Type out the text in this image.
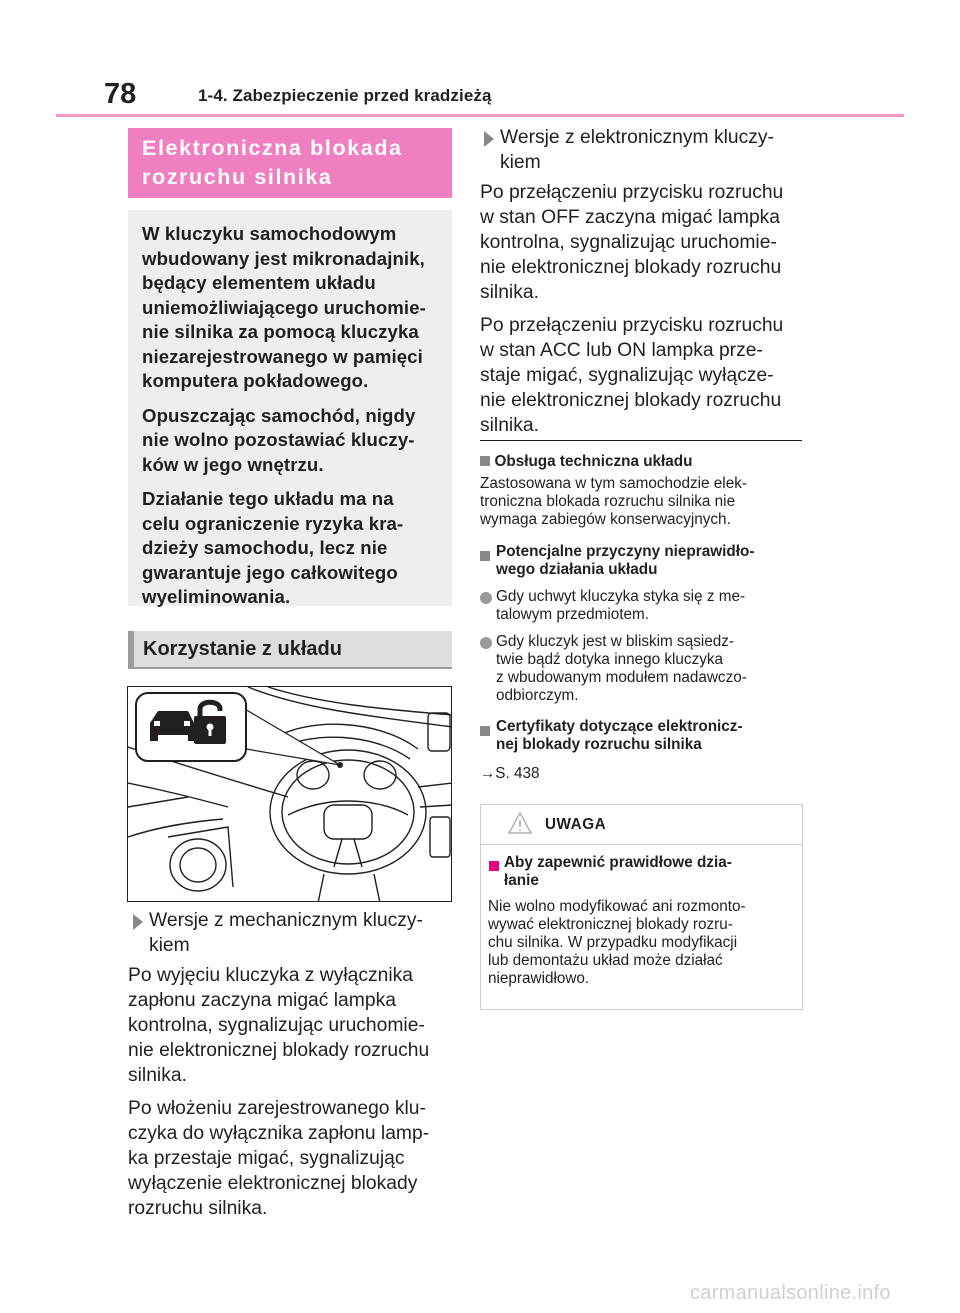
78	1-4. Zabezpieczenie przed kradzieżą
Elektroniczna blokada
rozruchu silnika

W kluczyku samochodowym
wbudowany jest mikronadajnik,
będący elementem układu
uniemożliwiającego uruchomie-
nie silnika za pomocą kluczyka
niezarejestrowanego w pamięci
komputera pokładowego.

Opuszczając samochód, nigdy
nie wolno pozostawiać kluczy-
ków w jego wnętrzu.

Działanie tego układu ma na
celu ograniczenie ryzyka kra-
dzieży samochodu, lecz nie
gwarantuje jego całkowitego
wyeliminowania.

Korzystanie z układu
Wersje z mechanicznym kluczy-
kiem

Po wyjęciu kluczyka z wyłącznika
zapłonu zaczyna migać lampka
kontrolna, sygnalizując uruchomie-
nie elektronicznej blokady rozruchu
silnika.

Po włożeniu zarejestrowanego klu-
czyka do wyłącznika zapłonu lamp-
ka przestaje migać, sygnalizując
wyłączenie elektronicznej blokady
rozruchu silnika.

Wersje z elektronicznym kluczy-
kiem

Po przełączeniu przycisku rozruchu
w stan OFF zaczyna migać lampka
kontrolna, sygnalizując uruchomie-
nie elektronicznej blokady rozruchu
silnika.

Po przełączeniu przycisku rozruchu
w stan ACC lub ON lampka prze-
staje migać, sygnalizując wyłącze-
nie elektronicznej blokady rozruchu
silnika.

Obsługa techniczna układu
Zastosowana w tym samochodzie elek-
troniczna blokada rozruchu silnika nie
wymaga zabiegów konserwacyjnych.
Potencjalne przyczyny nieprawidło-
wego działania układu
Gdy uchwyt kluczyka styka się z me-
talowym przedmiotem.
Gdy kluczyk jest w bliskim sąsiedz-
twie bądź dotyka innego kluczyka
z wbudowanym modułem nadawczo-
odbiorczym.
Certyfikaty dotyczące elektronicz-
nej blokady rozruchu silnika
→S. 438
UWAGA
Aby zapewnić prawidłowe dzia-
łanie
Nie wolno modyfikować ani rozmonto-
wywać elektronicznej blokady rozru-
chu silnika. W przypadku modyfikacji
lub demontażu układ może działać
nieprawidłowo.
carmanualsonline.info
